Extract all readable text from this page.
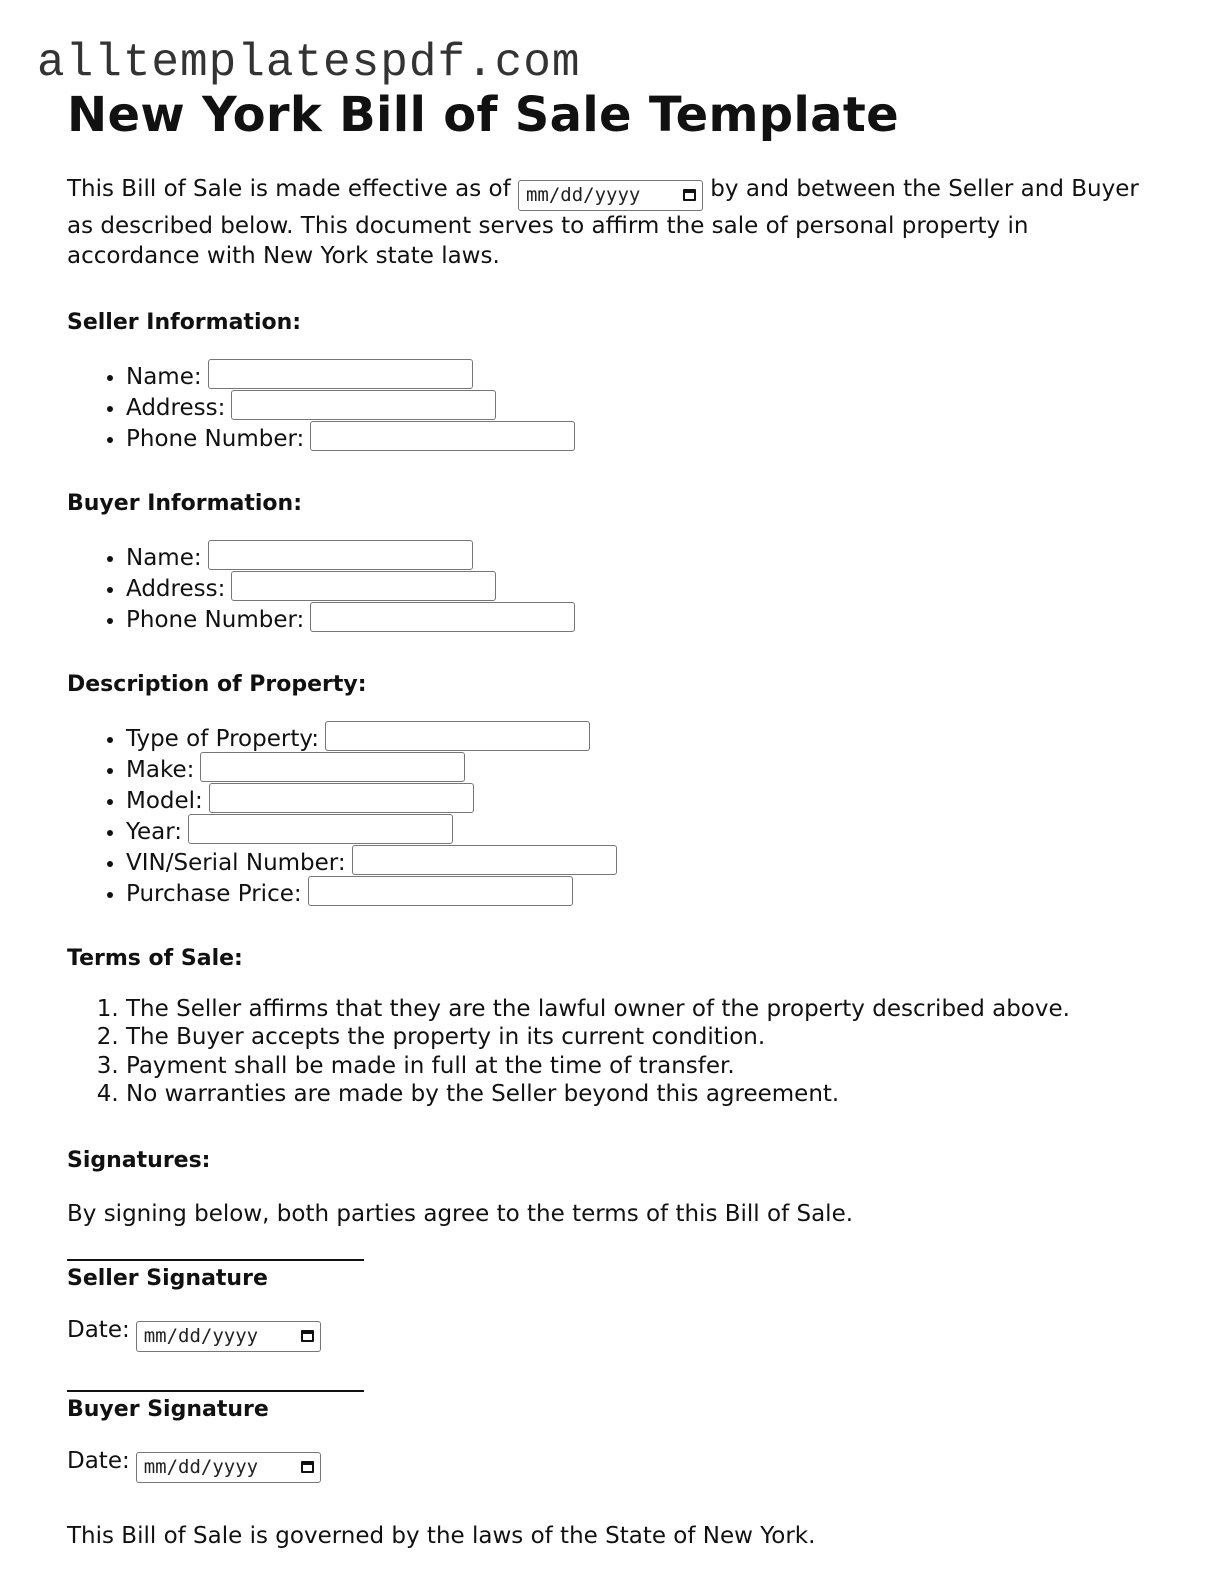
alltemplatespdf.com
New York Bill of Sale Template

This Bill of Sale is made effective as of mm/dd/yyyy	by and between the Seller and Buyer as described below. This document serves to affirm the sale of personal property in accordance with New York state laws.

Seller Information:
• Name:
• Address:
• Phone Number:
Buyer Information:
• Name:
• Address:
• Phone Number:
Description of Property:
• Type of Property:
• Make:
• Model:
• Year:
• VIN/Serial Number:
• Purchase Price:
Terms of Sale:
1. The Seller affirms that they are the lawful owner of the property described above.
2. The Buyer accepts the property in its current condition.
3. Payment shall be made in full at the time of transfer.
4. No warranties are made by the Seller beyond this agreement.
Signatures:

By signing below, both parties agree to the terms of this Bill of Sale.

Seller Signature

Date: mm/dd/yyyy

Buyer Signature

Date: mm/dd/yyyy

This Bill of Sale is governed by the laws of the State of New York.
